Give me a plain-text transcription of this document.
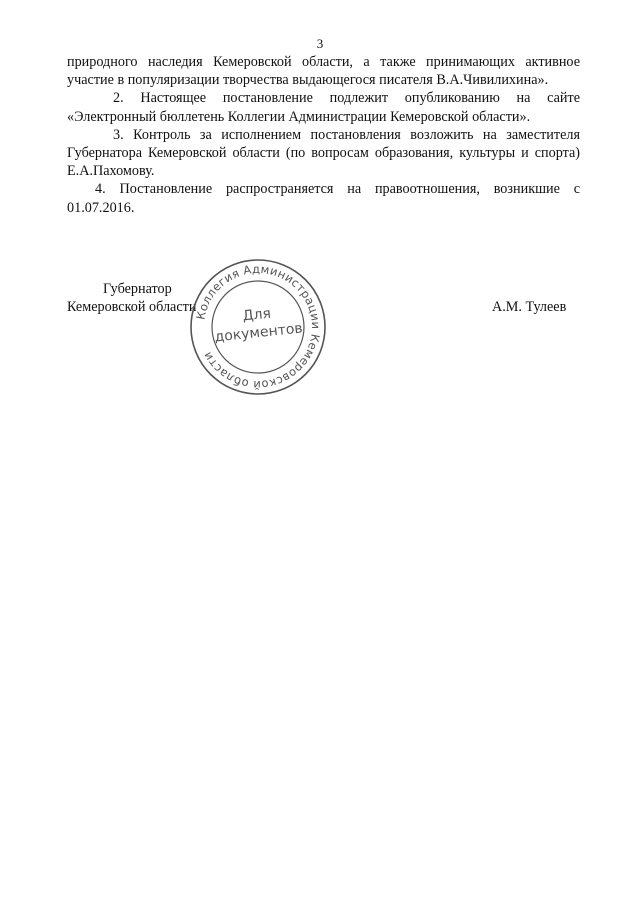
3

природного наследия Кемеровской области, а также принимающих активное участие в популяризации творчества выдающегося писателя В.А.Чивилихина».

2. Настоящее постановление подлежит опубликованию на сайте «Электронный бюллетень Коллегии Администрации Кемеровской области».

3. Контроль за исполнением постановления возложить на заместителя Губернатора Кемеровской области (по вопросам образования, культуры и спорта) Е.А.Пахомову.

4. Постановление распространяется на правоотношения, возникшие с 01.07.2016.

Губернатор
Кемеровской области	А.М. Тулеев
Коллегия Администрации Кемеровской области
Для
документов
